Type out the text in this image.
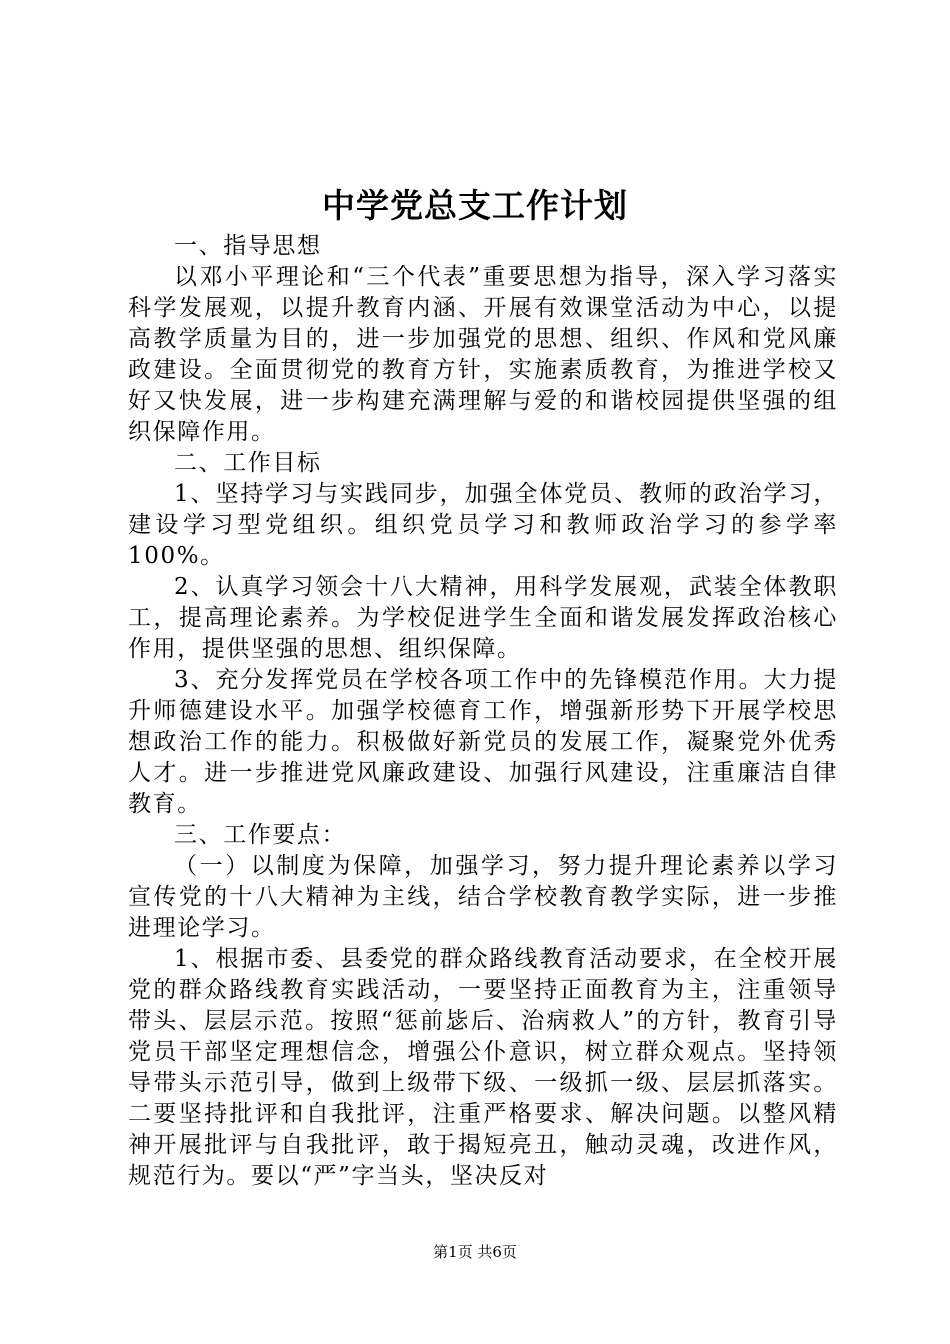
中学党总支工作计划

一、指导思想

以邓小平理论和“三个代表”重要思想为指导，深入学习落实科学发展观，以提升教育内涵、开展有效课堂活动为中心，以提高教学质量为目的，进一步加强党的思想、组织、作风和党风廉政建设。全面贯彻党的教育方针，实施素质教育，为推进学校又好又快发展，进一步构建充满理解与爱的和谐校园提供坚强的组织保障作用。

二、工作目标

1、坚持学习与实践同步，加强全体党员、教师的政治学习，建设学习型党组织。组织党员学习和教师政治学习的参学率100%。

2、认真学习领会十八大精神，用科学发展观，武装全体教职工，提高理论素养。为学校促进学生全面和谐发展发挥政治核心作用，提供坚强的思想、组织保障。

3、充分发挥党员在学校各项工作中的先锋模范作用。大力提升师德建设水平。加强学校德育工作，增强新形势下开展学校思想政治工作的能力。积极做好新党员的发展工作，凝聚党外优秀人才。进一步推进党风廉政建设、加强行风建设，注重廉洁自律教育。

三、工作要点：

（一）以制度为保障，加强学习，努力提升理论素养以学习宣传党的十八大精神为主线，结合学校教育教学实际，进一步推进理论学习。

1、根据市委、县委党的群众路线教育活动要求，在全校开展党的群众路线教育实践活动，一要坚持正面教育为主，注重领导带头、层层示范。按照“惩前毖后、治病救人”的方针，教育引导党员干部坚定理想信念，增强公仆意识，树立群众观点。坚持领导带头示范引导，做到上级带下级、一级抓一级、层层抓落实。二要坚持批评和自我批评，注重严格要求、解决问题。以整风精神开展批评与自我批评，敢于揭短亮丑，触动灵魂，改进作风，规范行为。要以“严”字当头，坚决反对

第1页 共6页
